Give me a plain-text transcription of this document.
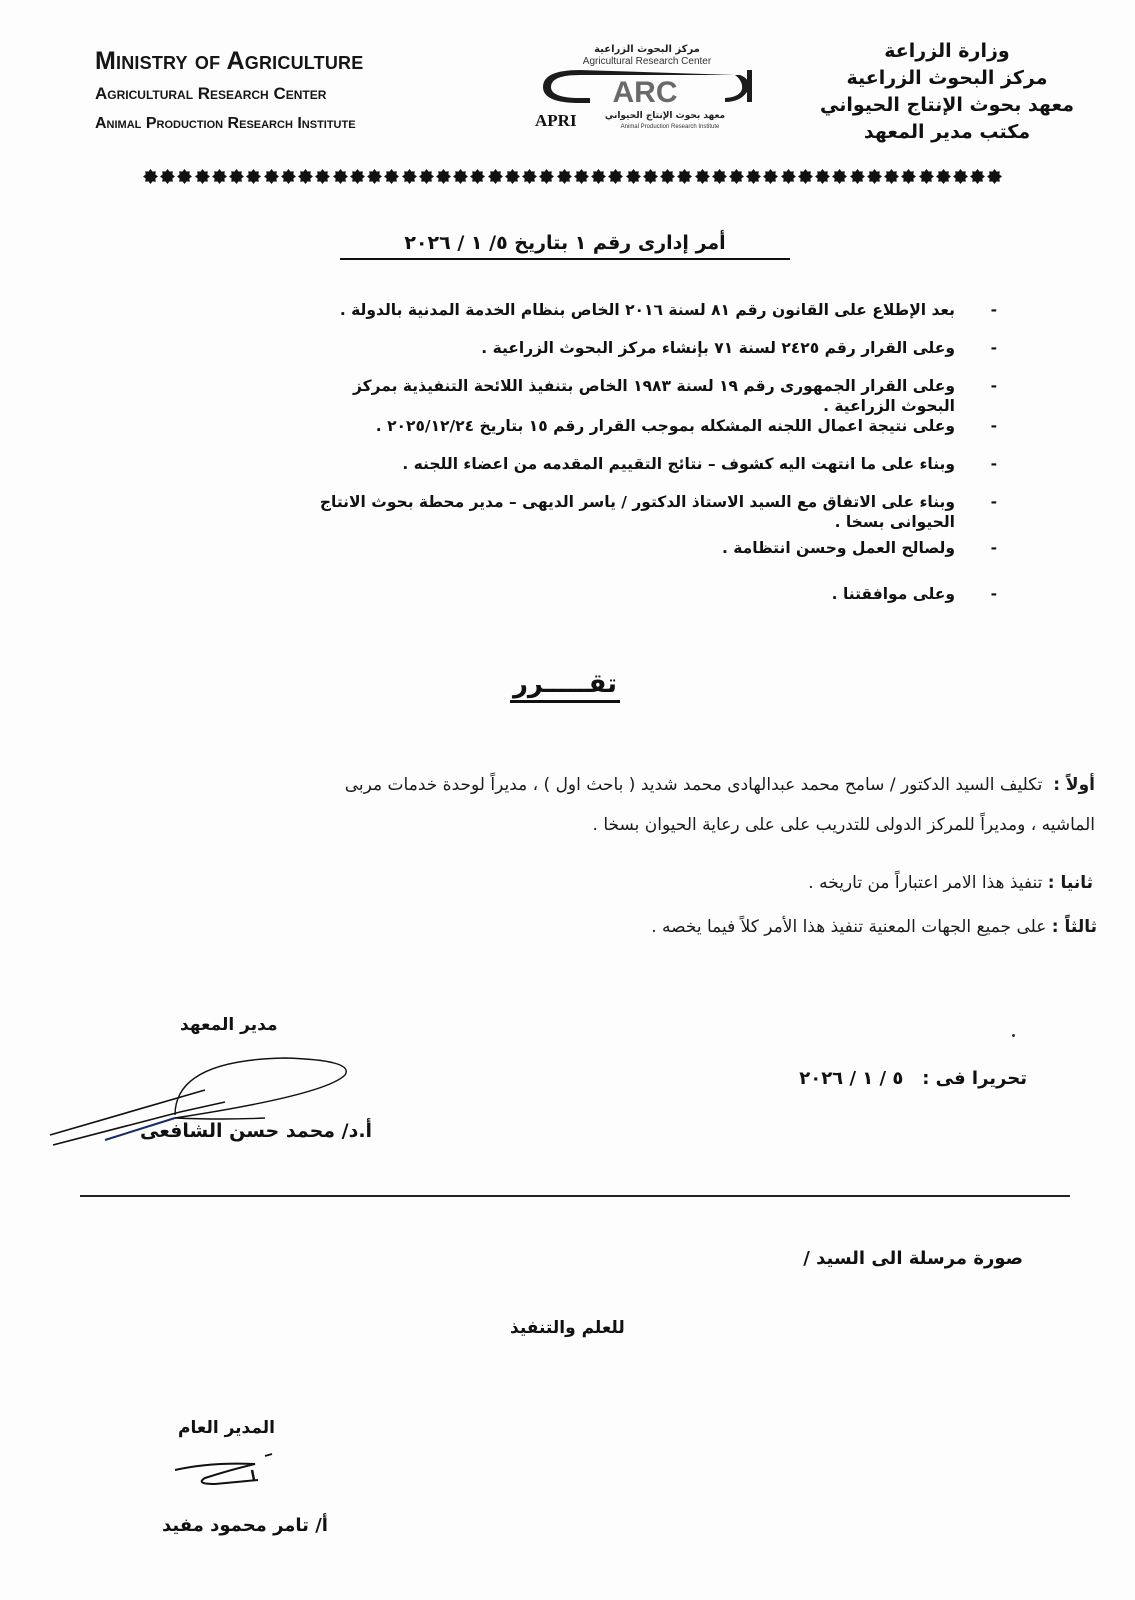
Ministry of Agriculture
Agricultural Research Center
Animal Production Research Institute
مركز البحوث الزراعية
Agricultural Research Center
ARC
APRI	معهد بحوث الإنتاج الحيواني
Animal Production Research Institute
وزارة الزراعة
مركز البحوث الزراعية
معهد بحوث الإنتاج الحيواني
مكتب مدير المعهد
أمر إدارى رقم ١ بتاريخ ٥/ ١ / ٢٠٢٦
-
بعد الإطلاع على القانون رقم ٨١ لسنة ٢٠١٦ الخاص بنظام الخدمة المدنية بالدولة .
-
وعلى القرار رقم ٢٤٢٥ لسنة ٧١ بإنشاء مركز البحوث الزراعية .
-
وعلى القرار الجمهورى رقم ١٩ لسنة ١٩٨٣ الخاص بتنفيذ اللائحة التنفيذية بمركز البحوث الزراعية .
-
وعلى نتيجة اعمال اللجنه المشكله بموجب القرار رقم ١٥ بتاريخ ٢٠٢٥/١٢/٢٤ .
-
وبناء على ما انتهت اليه كشوف – نتائج التقييم المقدمه من اعضاء اللجنه .
-
وبناء على الاتفاق مع السيد الاستاذ الدكتور / ياسر الديهى – مدير محطة بحوث الانتاج الحيوانى بسخا .
-
ولصالح العمل وحسن انتظامة .
-
وعلى موافقتنا .
تقـــــرر
أولاً :  تكليف السيد الدكتور / سامح محمد عبدالهادى محمد شديد ( باحث اول ) ، مديراً لوحدة خدمات مربى
الماشيه ، ومديراً للمركز الدولى للتدريب على على رعاية الحيوان بسخا .
ثانيا : تنفيذ هذا الامر اعتباراً من تاريخه .
ثالثاً : على جميع الجهات المعنية تنفيذ هذا الأمر كلاً فيما يخصه .
مدير المعهد
أ.د/ محمد حسن الشافعى
تحريرا فى :   ٥ / ١ / ٢٠٢٦
صورة مرسلة الى السيد /
للعلم والتنفيذ
المدير العام
أ/ تامر محمود مفيد
